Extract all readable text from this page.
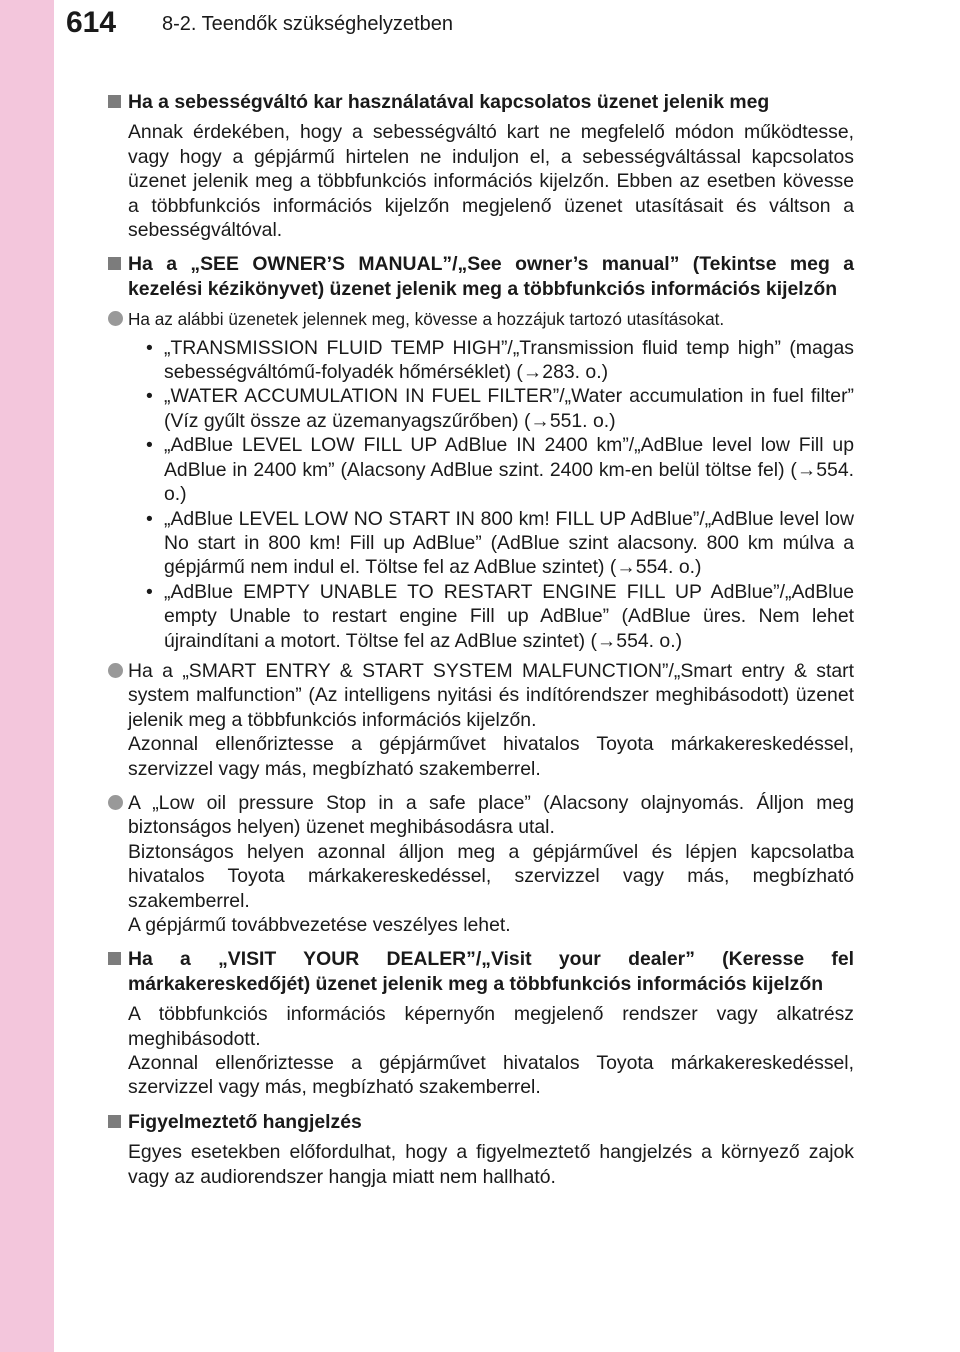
614 8-2. Teendők szükséghelyzetben
Ha a sebességváltó kar használatával kapcsolatos üzenet jelenik meg
Annak érdekében, hogy a sebességváltó kart ne megfelelő módon működtesse, vagy hogy a gépjármű hirtelen ne induljon el, a sebességváltással kapcsolatos üzenet jelenik meg a többfunkciós információs kijelzőn. Ebben az esetben kövesse a többfunkciós információs kijelzőn megjelenő üzenet utasításait és váltson a sebességváltóval.
Ha a „SEE OWNER’S MANUAL”/„See owner’s manual” (Tekintse meg a kezelési kézikönyvet) üzenet jelenik meg a többfunkciós információs kijelzőn
Ha az alábbi üzenetek jelennek meg, kövesse a hozzájuk tartozó utasításokat.
• „TRANSMISSION FLUID TEMP HIGH”/„Transmission fluid temp high” (magas sebességváltómű-folyadék hőmérséklet) (→283. o.)
• „WATER ACCUMULATION IN FUEL FILTER”/„Water accumulation in fuel filter” (Víz gyűlt össze az üzemanyagszűrőben) (→551. o.)
• „AdBlue LEVEL LOW FILL UP AdBlue IN 2400 km”/„AdBlue level low Fill up AdBlue in 2400 km” (Alacsony AdBlue szint. 2400 km-en belül töltse fel) (→554. o.)
• „AdBlue LEVEL LOW NO START IN 800 km! FILL UP AdBlue”/„AdBlue level low No start in 800 km! Fill up AdBlue” (AdBlue szint alacsony. 800 km múlva a gépjármű nem indul el. Töltse fel az AdBlue szintet) (→554. o.)
• „AdBlue EMPTY UNABLE TO RESTART ENGINE FILL UP AdBlue”/„AdBlue empty Unable to restart engine Fill up AdBlue” (AdBlue üres. Nem lehet újraindítani a motort. Töltse fel az AdBlue szintet) (→554. o.)
Ha a „SMART ENTRY & START SYSTEM MALFUNCTION”/„Smart entry & start system malfunction” (Az intelligens nyitási és indítórendszer meghibásodott) üzenet jelenik meg a többfunkciós információs kijelzőn.
Azonnal ellenőriztesse a gépjárművet hivatalos Toyota márkakereskedéssel, szervizzel vagy más, megbízható szakemberrel.
A „Low oil pressure Stop in a safe place” (Alacsony olajnyomás. Álljon meg biztonságos helyen) üzenet meghibásodásra utal.
Biztonságos helyen azonnal álljon meg a gépjárművel és lépjen kapcsolatba hivatalos Toyota márkakereskedéssel, szervizzel vagy más, megbízható szakemberrel.
A gépjármű továbbvezetése veszélyes lehet.
Ha a „VISIT YOUR DEALER”/„Visit your dealer” (Keresse fel márkakereskedőjét) üzenet jelenik meg a többfunkciós információs kijelzőn
A többfunkciós információs képernyőn megjelenő rendszer vagy alkatrész meghibásodott.
Azonnal ellenőriztesse a gépjárművet hivatalos Toyota márkakereskedéssel, szervizzel vagy más, megbízható szakemberrel.
Figyelmeztető hangjelzés
Egyes esetekben előfordulhat, hogy a figyelmeztető hangjelzés a környező zajok vagy az audiorendszer hangja miatt nem hallható.
